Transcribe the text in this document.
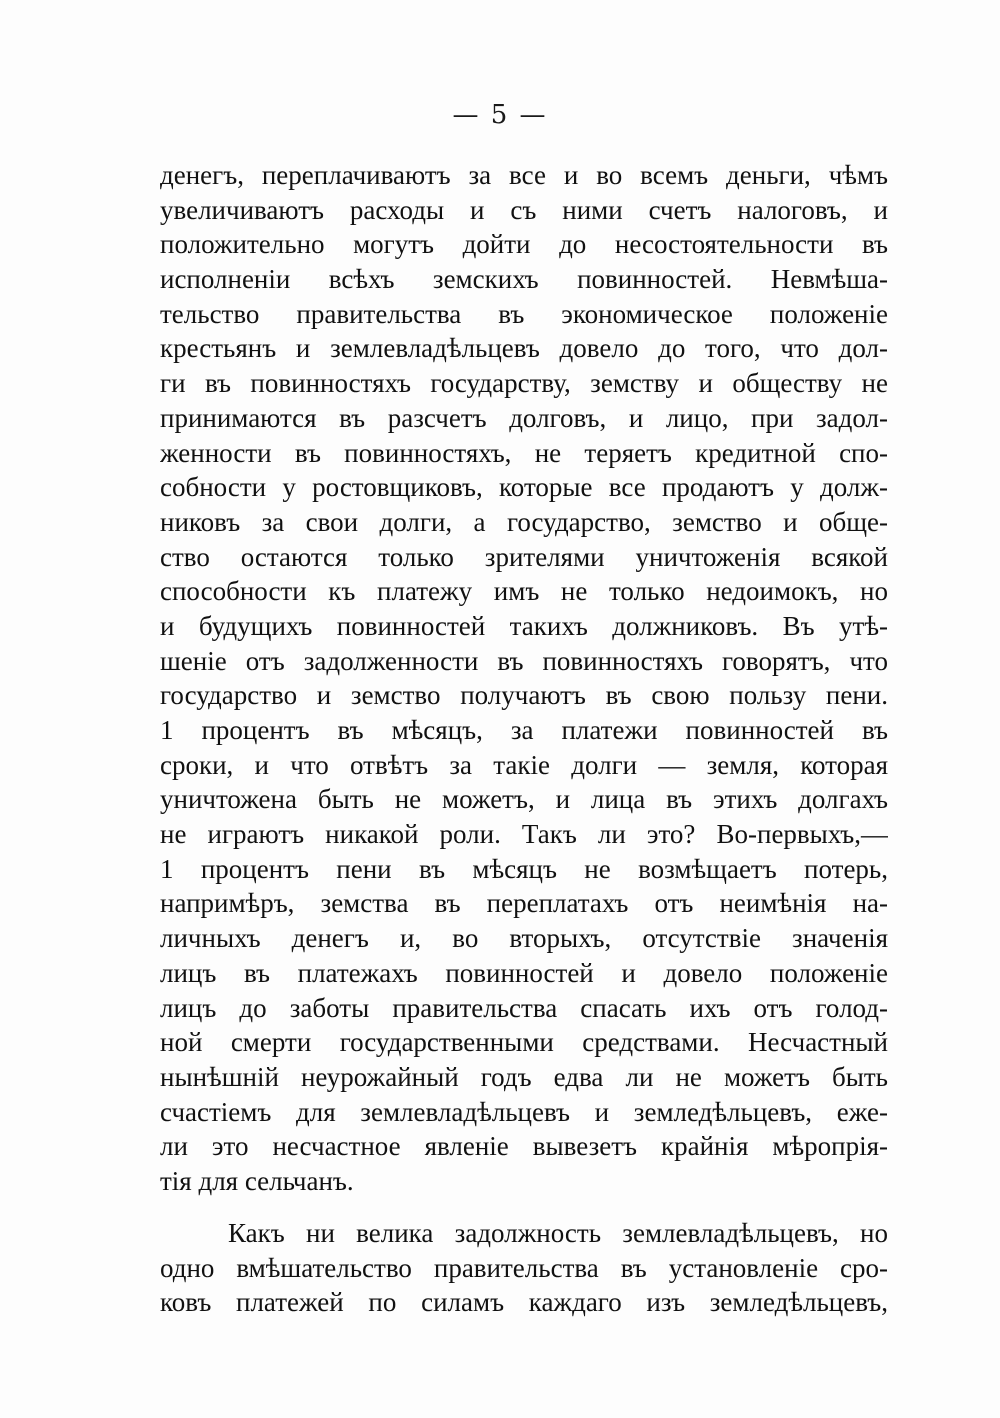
— 5 —
денегъ, переплачиваютъ за все и во всемъ деньги, чѣмъ
увеличиваютъ расходы и съ ними счетъ налоговъ, и
положительно могутъ дойти до несостоятельности въ
исполненіи всѣхъ земскихъ повинностей. Невмѣша-
тельство правительства въ экономическое положеніе
крестьянъ и землевладѣльцевъ довело до того, что дол-
ги въ повинностяхъ государству, земству и обществу не
принимаются въ разсчетъ долговъ, и лицо, при задол-
женности въ повинностяхъ, не теряетъ кредитной спо-
собности у ростовщиковъ, которые все продаютъ у долж-
никовъ за свои долги, а государство, земство и обще-
ство остаются только зрителями уничтоженія всякой
способности къ платежу имъ не только недоимокъ, но
и будущихъ повинностей такихъ должниковъ. Въ утѣ-
шеніе отъ задолженности въ повинностяхъ говорятъ, что
государство и земство получаютъ въ свою пользу пени.
1 процентъ въ мѣсяцъ, за платежи повинностей въ
сроки, и что отвѣтъ за такіе долги — земля, которая
уничтожена быть не можетъ, и лица въ этихъ долгахъ
не играютъ никакой роли. Такъ ли это? Во-первыхъ,—
1 процентъ пени въ мѣсяцъ не возмѣщаетъ потерь,
напримѣръ, земства въ переплатахъ отъ неимѣнія на-
личныхъ денегъ и, во вторыхъ, отсутствіе значенія
лицъ въ платежахъ повинностей и довело положеніе
лицъ до заботы правительства спасать ихъ отъ голод-
ной смерти государственными средствами. Несчастный
нынѣшній неурожайный годъ едва ли не можетъ быть
счастіемъ для землевладѣльцевъ и земледѣльцевъ, еже-
ли это несчастное явленіе вывезетъ крайнія мѣропрія-
тія для сельчанъ.
Какъ ни велика задолжность землевладѣльцевъ, но
одно вмѣшательство правительства въ установленіе сро-
ковъ платежей по силамъ каждаго изъ земледѣльцевъ,
